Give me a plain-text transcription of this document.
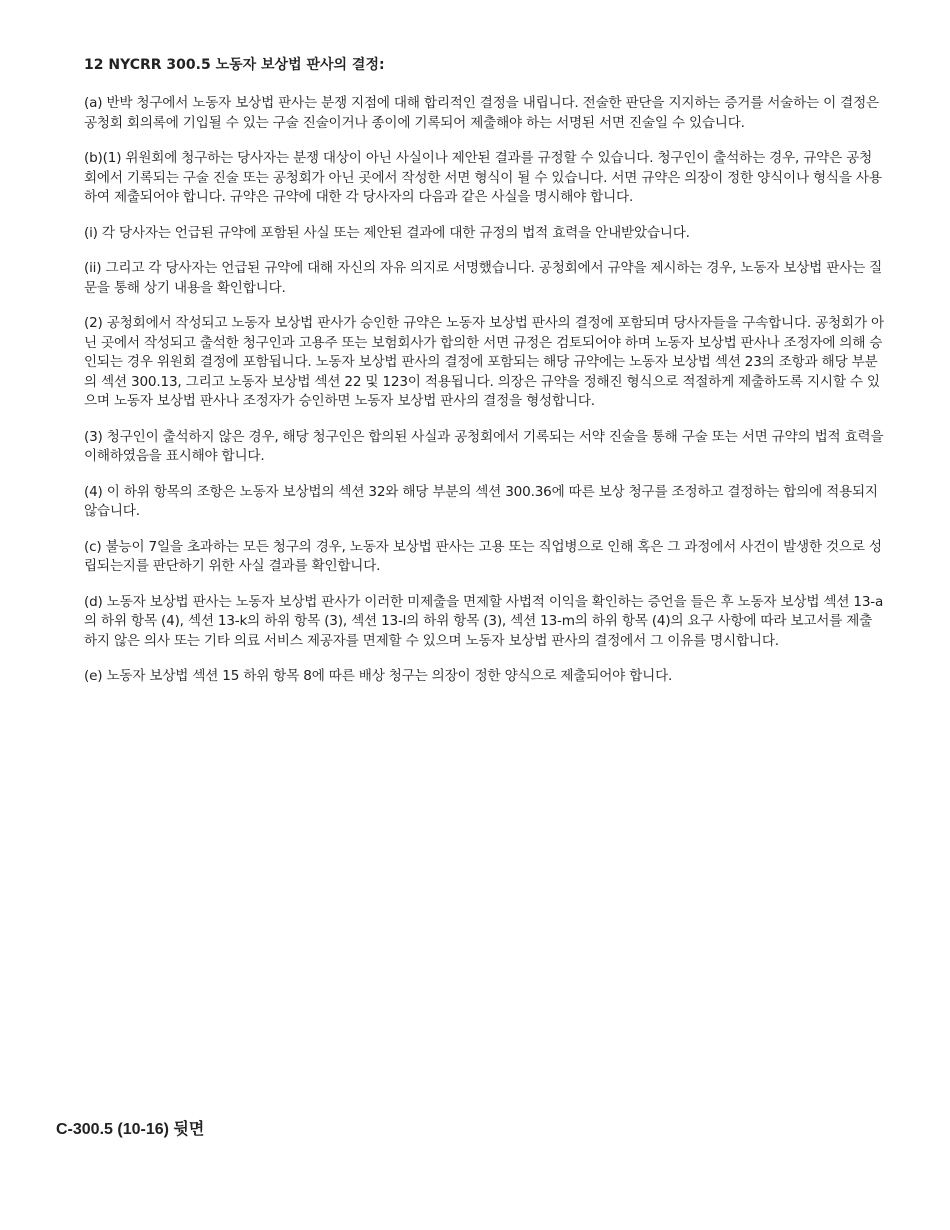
12 NYCRR 300.5 노동자 보상법 판사의 결정:

(a) 반박 청구에서 노동자 보상법 판사는 분쟁 지점에 대해 합리적인 결정을 내립니다. 전술한 판단을 지지하는 증거를 서술하는 이 결정은 공청회 회의록에 기입될 수 있는 구술 진술이거나 종이에 기록되어 제출해야 하는 서명된 서면 진술일 수 있습니다.

(b)(1) 위원회에 청구하는 당사자는 분쟁 대상이 아닌 사실이나 제안된 결과를 규정할 수 있습니다. 청구인이 출석하는 경우, 규약은 공청회에서 기록되는 구술 진술 또는 공청회가 아닌 곳에서 작성한 서면 형식이 될 수 있습니다. 서면 규약은 의장이 정한 양식이나 형식을 사용하여 제출되어야 합니다. 규약은 규약에 대한 각 당사자의 다음과 같은 사실을 명시해야 합니다.

(i) 각 당사자는 언급된 규약에 포함된 사실 또는 제안된 결과에 대한 규정의 법적 효력을 안내받았습니다.

(ii) 그리고 각 당사자는 언급된 규약에 대해 자신의 자유 의지로 서명했습니다. 공청회에서 규약을 제시하는 경우, 노동자 보상법 판사는 질문을 통해 상기 내용을 확인합니다.

(2) 공청회에서 작성되고 노동자 보상법 판사가 승인한 규약은 노동자 보상법 판사의 결정에 포함되며 당사자들을 구속합니다. 공청회가 아닌 곳에서 작성되고 출석한 청구인과 고용주 또는 보험회사가 합의한 서면 규정은 검토되어야 하며 노동자 보상법 판사나 조정자에 의해 승인되는 경우 위원회 결정에 포함됩니다. 노동자 보상법 판사의 결정에 포함되는 해당 규약에는 노동자 보상법 섹션 23의 조항과 해당 부분의 섹션 300.13, 그리고 노동자 보상법 섹션 22 및 123이 적용됩니다. 의장은 규약을 정해진 형식으로 적절하게 제출하도록 지시할 수 있으며 노동자 보상법 판사나 조정자가 승인하면 노동자 보상법 판사의 결정을 형성합니다.

(3) 청구인이 출석하지 않은 경우, 해당 청구인은 합의된 사실과 공청회에서 기록되는 서약 진술을 통해 구술 또는 서면 규약의 법적 효력을 이해하였음을 표시해야 합니다.

(4) 이 하위 항목의 조항은 노동자 보상법의 섹션 32와 해당 부분의 섹션 300.36에 따른 보상 청구를 조정하고 결정하는 합의에 적용되지 않습니다.

(c) 불능이 7일을 초과하는 모든 청구의 경우, 노동자 보상법 판사는 고용 또는 직업병으로 인해 혹은 그 과정에서 사건이 발생한 것으로 성립되는지를 판단하기 위한 사실 결과를 확인합니다.

(d) 노동자 보상법 판사는 노동자 보상법 판사가 이러한 미제출을 면제할 사법적 이익을 확인하는 증언을 들은 후 노동자 보상법 섹션 13-a의 하위 항목 (4), 섹션 13-k의 하위 항목 (3), 섹션 13-l의 하위 항목 (3), 섹션 13-m의 하위 항목 (4)의 요구 사항에 따라 보고서를 제출하지 않은 의사 또는 기타 의료 서비스 제공자를 면제할 수 있으며 노동자 보상법 판사의 결정에서 그 이유를 명시합니다.

(e) 노동자 보상법 섹션 15 하위 항목 8에 따른 배상 청구는 의장이 정한 양식으로 제출되어야 합니다.

C-300.5 (10-16) 뒷면
